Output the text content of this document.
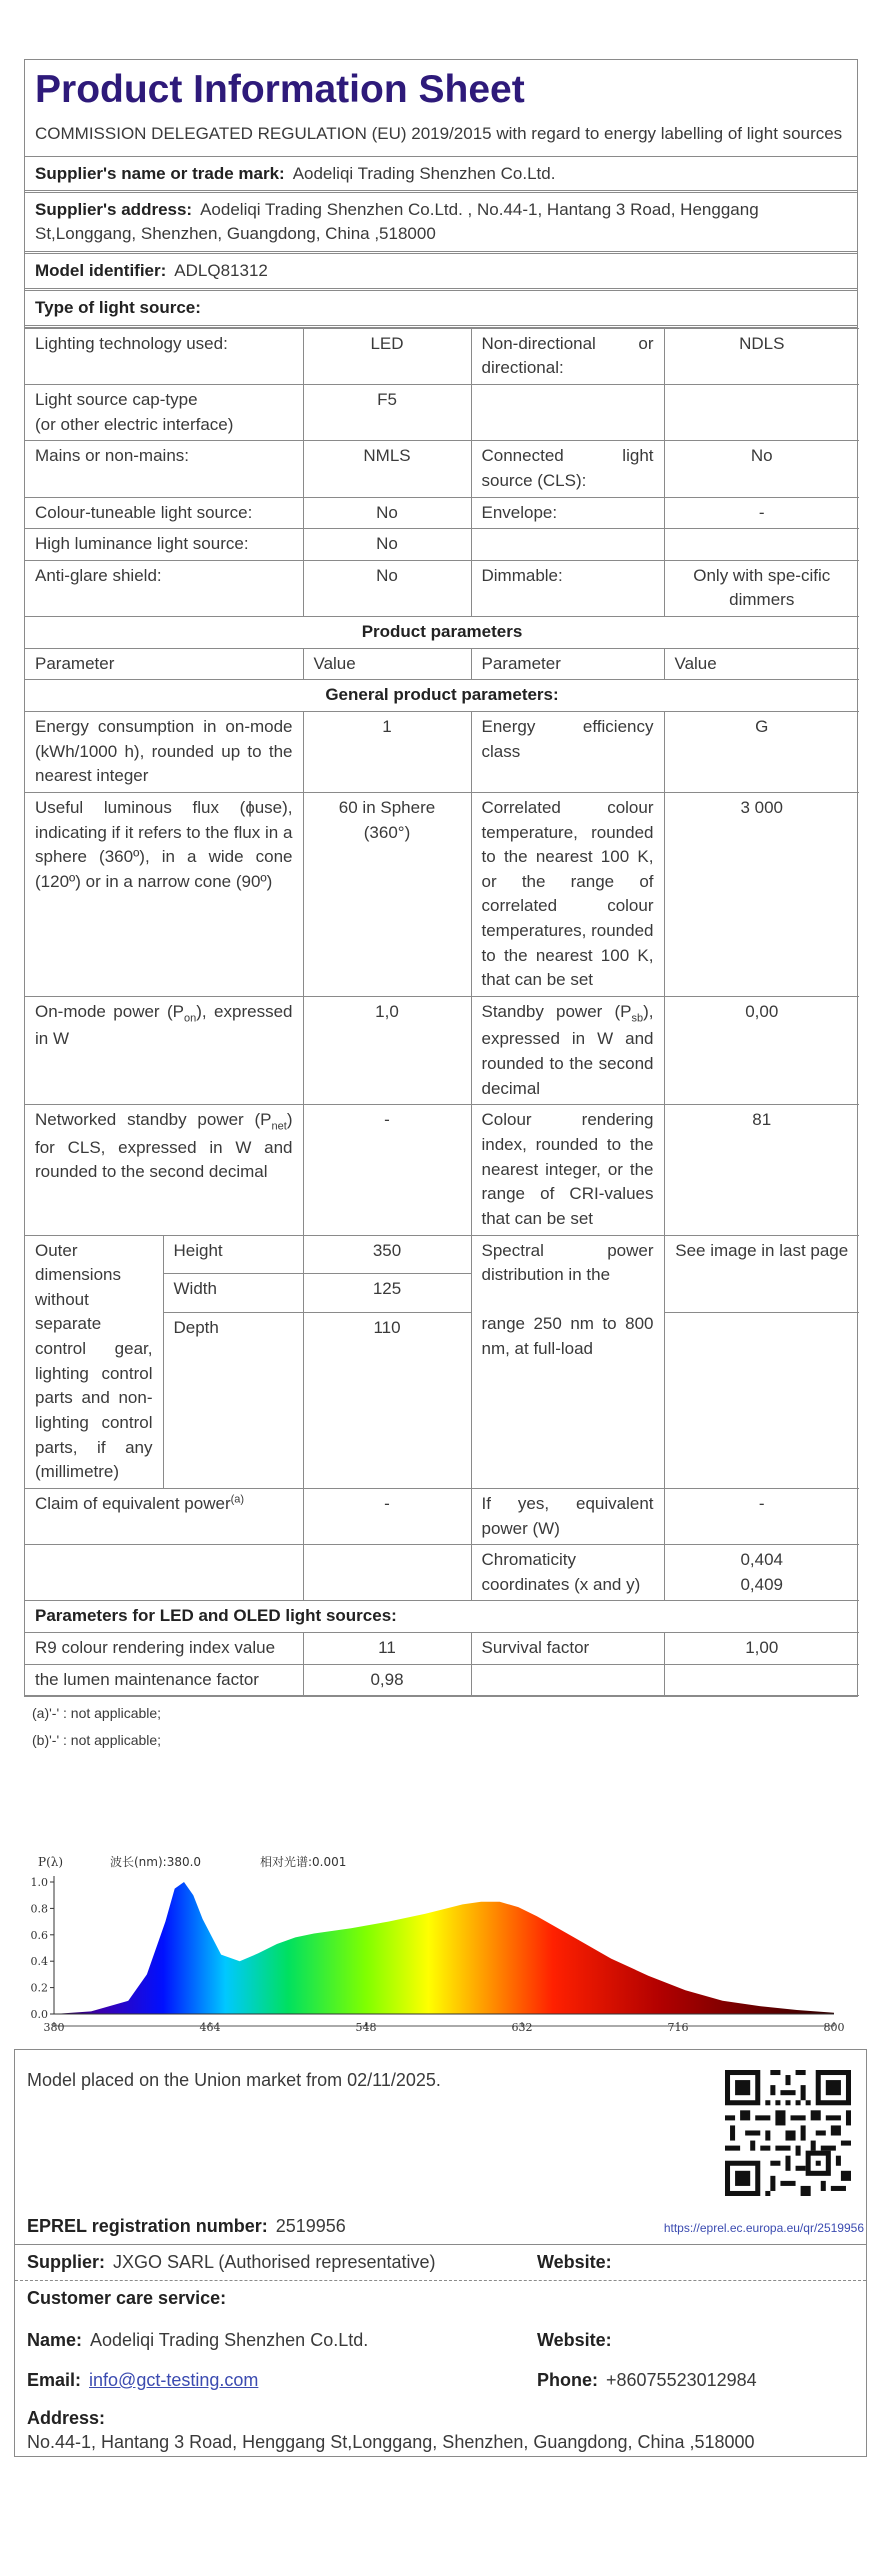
Product Information Sheet
COMMISSION DELEGATED REGULATION (EU) 2019/2015 with regard to energy labelling of light sources
Supplier's name or trade mark: Aodeliqi Trading Shenzhen Co.Ltd.
Supplier's address: Aodeliqi Trading Shenzhen Co.Ltd. , No.44-1, Hantang 3 Road, Henggang St,Longgang, Shenzhen, Guangdong, China ,518000
Model identifier: ADLQ81312
Type of light source:
Lighting technology used:		LED	Non-directional or directional:	NDLS
Light source cap-type
(or other electric interface)		F5		
Mains or non-mains:		NMLS	Connected light source (CLS):	No
Colour-tuneable light source:		No	Envelope:	-
High luminance light source:		No		
Anti-glare shield:		No	Dimmable:	Only with spe-cific dimmers
Product parameters				
Parameter		Value	Parameter	Value
General product parameters:				
Energy consumption in on-mode (kWh/1000 h), rounded up to the nearest integer		1	Energy efficiency class	G
Useful luminous flux (ɸuse), indicating if it refers to the flux in a sphere (360º), in a wide cone (120º) or in a narrow cone (90º)		60 in Sphere (360°)	Correlated colour temperature, rounded to the nearest 100 K, or the range of correlated colour temperatures, rounded to the nearest 100 K, that can be set	3 000
On-mode power $(P_{on})$, expressed in W		1,0	Standby power $(P_{sb})$, expressed in W and rounded to the second decimal	0,00
Networked standby power $(P_{net})$ for CLS, expressed in W and rounded to the second decimal		-	Colour rendering index, rounded to the nearest integer, or the range of CRI-values that can be set	81
Outer dimensions without separate control gear, lighting control parts and non-lighting control parts, if any (millimetre)	Height	350	Spectral power distribution in the

range 250 nm to 800 nm, at full-load	See image in last page
	Width	125		
	Depth	110		
Claim of equivalent power$^{(a)}$		-	If yes, equivalent power (W)	-
			Chromaticity coordinates (x and y)	0,404
0,409
Parameters for LED and OLED light sources:				
R9 colour rendering index value		11	Survival factor	1,00
the lumen maintenance factor		0,98		
(a)'-' : not applicable;
(b)'-' : not applicable;
1.0
0.8
0.6
0.4
0.2
0.0
380	464	548	632	716	800
P(λ)	波长(nm):380.0	相对光谱:0.001
Model placed on the Union market from 02/11/2025.
EPREL registration number: 2519956	https://eprel.ec.europa.eu/qr/2519956
Supplier: JXGO SARL (Authorised representative)	Website:
Customer care service:
Name: Aodeliqi Trading Shenzhen Co.Ltd.	Website:
Email: info@gct-testing.com	Phone: +86075523012984
Address:
No.44-1, Hantang 3 Road, Henggang St,Longgang, Shenzhen, Guangdong, China ,518000
